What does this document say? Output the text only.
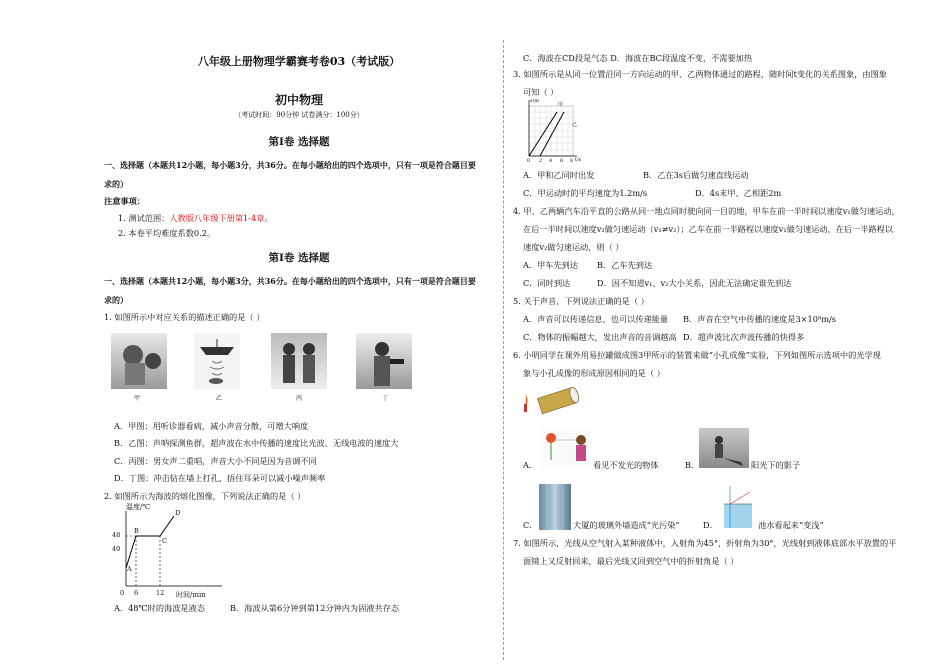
八年级上册物理学霸赛考卷03（考试版）
初中物理
（考试时间：90分钟 试卷满分：100分）
第Ⅰ卷 选择题
一、选择题（本题共12小题，每小题3分，共36分。在每小题给出的四个选项中，只有一项是符合题目要
求的）
注意事项：
1. 测试范围：人教版八年级下册第1-4章。
2. 本卷平均难度系数0.2。
第Ⅰ卷 选择题
一、选择题（本题共12小题，每小题3分，共36分。在每小题给出的四个选项中，只有一项是符合题目要
求的）
1. 如图所示中对应关系的描述正确的是（ ）
甲	乙	丙	丁
A．甲图：用听诊器看病，减小声音分散，可增大响度
B．乙图：声呐探测鱼群，超声波在水中传播的速度比光波、无线电波的速度大
C．丙图：男女声二重唱，声音大小不同是因为音调不同
D．丁图：冲击钻在墙上打孔，捂住耳朵可以减小噪声频率
2. 如图所示为海波的熔化图像，下列说法正确的是（ ）
温度/℃
时间/min
48
40
0 6	12
A
B
C
D
A．48℃时的海波是液态	B．海波从第6分钟到第12分钟内为固液共存态
C．海波在CD段是气态 D．海波在BC段温度不变，不需要加热
3. 如图所示是从同一位置沿同一方向运动的甲、乙两物体通过的路程，随时间t变化的关系图象，由图象
可知（ ）
s/m
t/s
甲
乙
0 2 4 6 8
A．甲和乙同时出发	B．乙在3s后做匀速直线运动
C．甲运动时的平均速度为1.2m/s	D．4s末甲、乙相距2m
4. 甲、乙两辆汽车沿平直的公路从同一地点同时驶向同一目的地，甲车在前一半时间以速度v₁做匀速运动，
在后一半时间以速度v₂做匀速运动（v₁≠v₂）；乙车在前一半路程以速度v₁做匀速运动，在后一半路程以
速度v₂做匀速运动，则（ ）
A．甲车先到达 B．乙车先到达
C．同时到达	D．因不知道v₁、v₂大小关系，因此无法确定谁先到达
5. 关于声音，下列说法正确的是（ ）
A．声音可以传递信息，也可以传递能量 B．声音在空气中传播的速度是3×10⁸m/s
C．物体的振幅越大，发出声音的音调越高 D．超声波比次声波传播的快得多
6. 小明同学在课外用易拉罐做成图3甲所示的装置来做“小孔成像”实验，下列如图所示选项中的光学现
象与小孔成像的形成原因相同的是（ ）
A．	看见不发光的物体	B．	阳光下的影子
C．	大厦的玻璃外墙造成“光污染”	D．	池水看起来“变浅”
7. 如图所示，光线从空气射入某种液体中，入射角为45°，折射角为30°，光线射到液体底部水平放置的平
面镜上又反射回来，最后光线又回到空气中的折射角是（ ）
